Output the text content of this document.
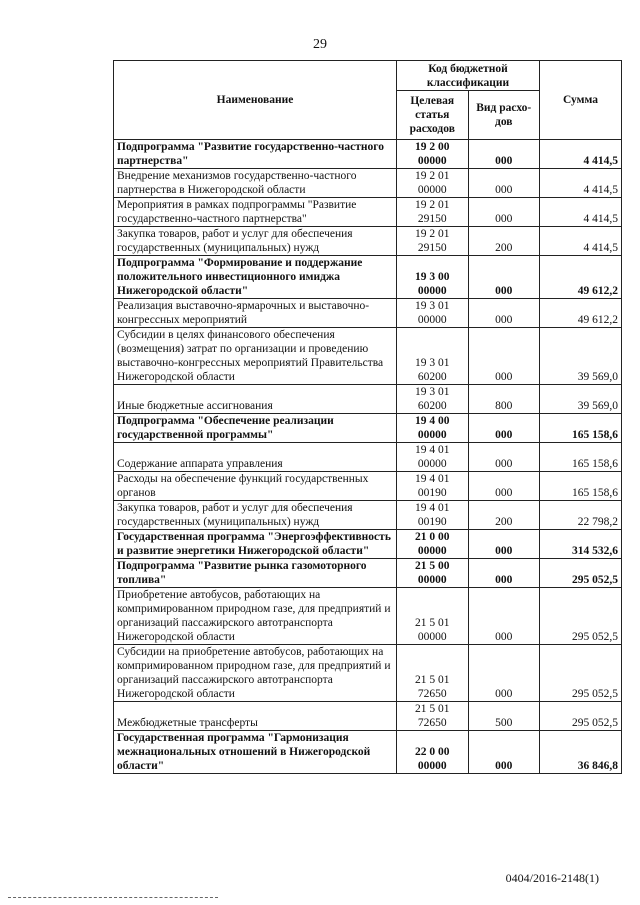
29
Наименование	Код бюджетной классификации		Сумма
	Целевая статья расходов	Вид расхо-дов	
Подпрограмма "Развитие государственно-частного партнерства"	19 2 00 00000	000	4 414,5
Внедрение механизмов государственно-частного партнерства в Нижегородской области	19 2 01 00000	000	4 414,5
Мероприятия в рамках подпрограммы "Развитие государственно-частного партнерства"	19 2 01 29150	000	4 414,5
Закупка товаров, работ и услуг для обеспечения государственных (муниципальных) нужд	19 2 01 29150	200	4 414,5
Подпрограмма "Формирование и поддержание положительного инвестиционного имиджа Нижегородской области"	19 3 00 00000	000	49 612,2
Реализация выставочно-ярмарочных и выставочно-конгрессных мероприятий	19 3 01 00000	000	49 612,2
Субсидии в целях финансового обеспечения (возмещения) затрат по организации и проведению выставочно-конгрессных мероприятий Правительства Нижегородской области	19 3 01 60200	000	39 569,0
Иные бюджетные ассигнования	19 3 01 60200	800	39 569,0
Подпрограмма "Обеспечение реализации государственной программы"	19 4 00 00000	000	165 158,6
Содержание аппарата управления	19 4 01 00000	000	165 158,6
Расходы на обеспечение функций государственных органов	19 4 01 00190	000	165 158,6
Закупка товаров, работ и услуг для обеспечения государственных (муниципальных) нужд	19 4 01 00190	200	22 798,2
Государственная программа "Энергоэффективность и развитие энергетики Нижегородской области"	21 0 00 00000	000	314 532,6
Подпрограмма "Развитие рынка газомоторного топлива"	21 5 00 00000	000	295 052,5
Приобретение автобусов, работающих на компримированном природном газе, для предприятий и организаций пассажирского автотранспорта Нижегородской области	21 5 01 00000	000	295 052,5
Субсидии на приобретение автобусов, работающих на компримированном природном газе, для предприятий и организаций пассажирского автотранспорта Нижегородской области	21 5 01 72650	000	295 052,5
Межбюджетные трансферты	21 5 01 72650	500	295 052,5
Государственная программа "Гармонизация межнациональных отношений в Нижегородской области"	22 0 00 00000	000	36 846,8
0404/2016-2148(1)
